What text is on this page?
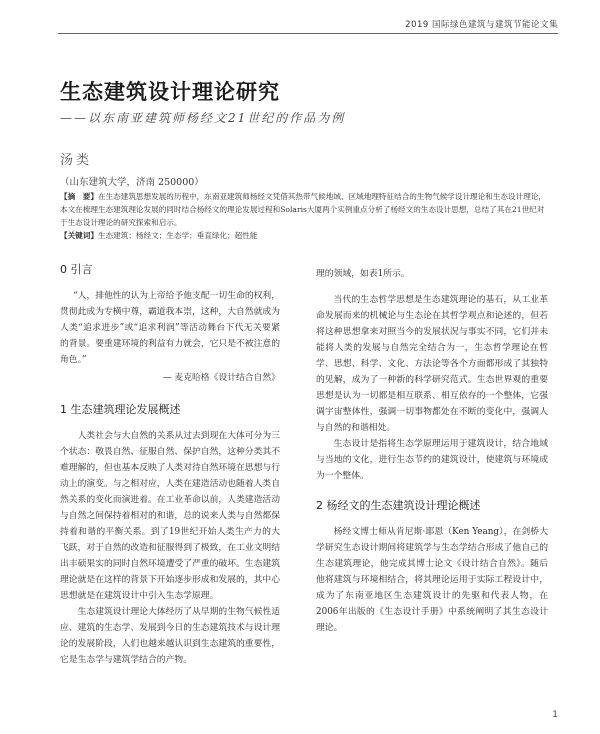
2019 国际绿色建筑与建筑节能论文集
生态建筑设计理论研究
——以东南亚建筑师杨经文21世纪的作品为例
汤类
（山东建筑大学，济南 250000）

【摘　要】在生态建筑思想发展的历程中，东南亚建筑师杨经文凭借其热带气候地域、区域地理特征结合的生物气候学设计理论和生态设计理论，本文在梳理生态建筑理论发展的同时结合杨经文的理论发展过程和Solaris大厦两个实例重点分析了杨经文的生态设计思想，总结了其在21世纪对于生态设计理论的研究探索和启示。

【关键词】生态建筑；杨经文；生态学；垂直绿化；超性能

0 引言

“人，排他性的认为上帝给予他支配一切生命的权利，贯彻此成为专横中尊，霸道我本崇，这种，大自然就成为人类“追求进步”或“追求利润”等活动舞台下代无关要紧的背景。要重建环境的利益有力就会，它只是不被注意的角色。”

— 麦克哈格《设计结合自然》

1 生态建筑理论发展概述

人类社会与大自然的关系从过去到现在大体可分为三个状态：敬畏自然、征服自然、保护自然，这种分类其不难理解的，但也基本反映了人类对待自然环境在思想与行动上的演变。与之相对应，人类在建造活动也随着人类自然关系的变化而演进着。在工业革命以前，人类建造活动与自然之间保持着相对的和谐，总的说来人类与自然都保持着和谐的平衡关系。到了19世纪开始人类生产力的大飞跃，对于自然的改造和征服得到了极致，在工业文明结出丰硕果实的同时自然环境遭受了严重的破坏。生态建筑理论就是在这样的背景下开始逐步形成和发展的，其中心思想就是在建筑设计中引入生态学原理。

生态建筑设计理论大体经历了从早期的生物气候性适应、建筑的生态学、发展到今日的生态建筑技术与设计理论的发展阶段，人们也越来越认识到生态建筑的重要性，它是生态学与建筑学结合的产物。

理的领域，如表1所示。

当代的生态哲学思想是生态建筑理论的基石，从工业革命发展而来的机械论与生态论在其哲学观点和论述的，但若将这种思想拿来对照当今的发展状况与事实不同，它们并未能将人类的发展与自然完全结合为一，生态哲学理论在哲学、思想、科学、文化、方法论等各个方面都形成了其独特的见解，成为了一种新的科学研究范式。生态世界观的重要思想是认为一切都是相互联系、相互依存的一个整体，它强调宇宙整体性，强调一切事物都处在不断的变化中，强调人与自然的和谐相处。

生态设计是指将生态学原理运用于建筑设计，结合地域与当地的文化，进行生态节约的建筑设计，使建筑与环境成为一个整体。

2 杨经文的生态建筑设计理论概述

杨经文博士师从肯尼斯·耶恩（Ken Yeang），在剑桥大学研究生态设计期间将建筑学与生态学结合形成了他自己的生态建筑理论，他完成其博士论文《设计结合自然》。随后他将建筑与环境相结合，将其理论运用于实际工程设计中，成为了东南亚地区生态建筑设计的先驱和代表人物，在2006年出版的《生态设计手册》中系统阐明了其生态设计理论。

1
